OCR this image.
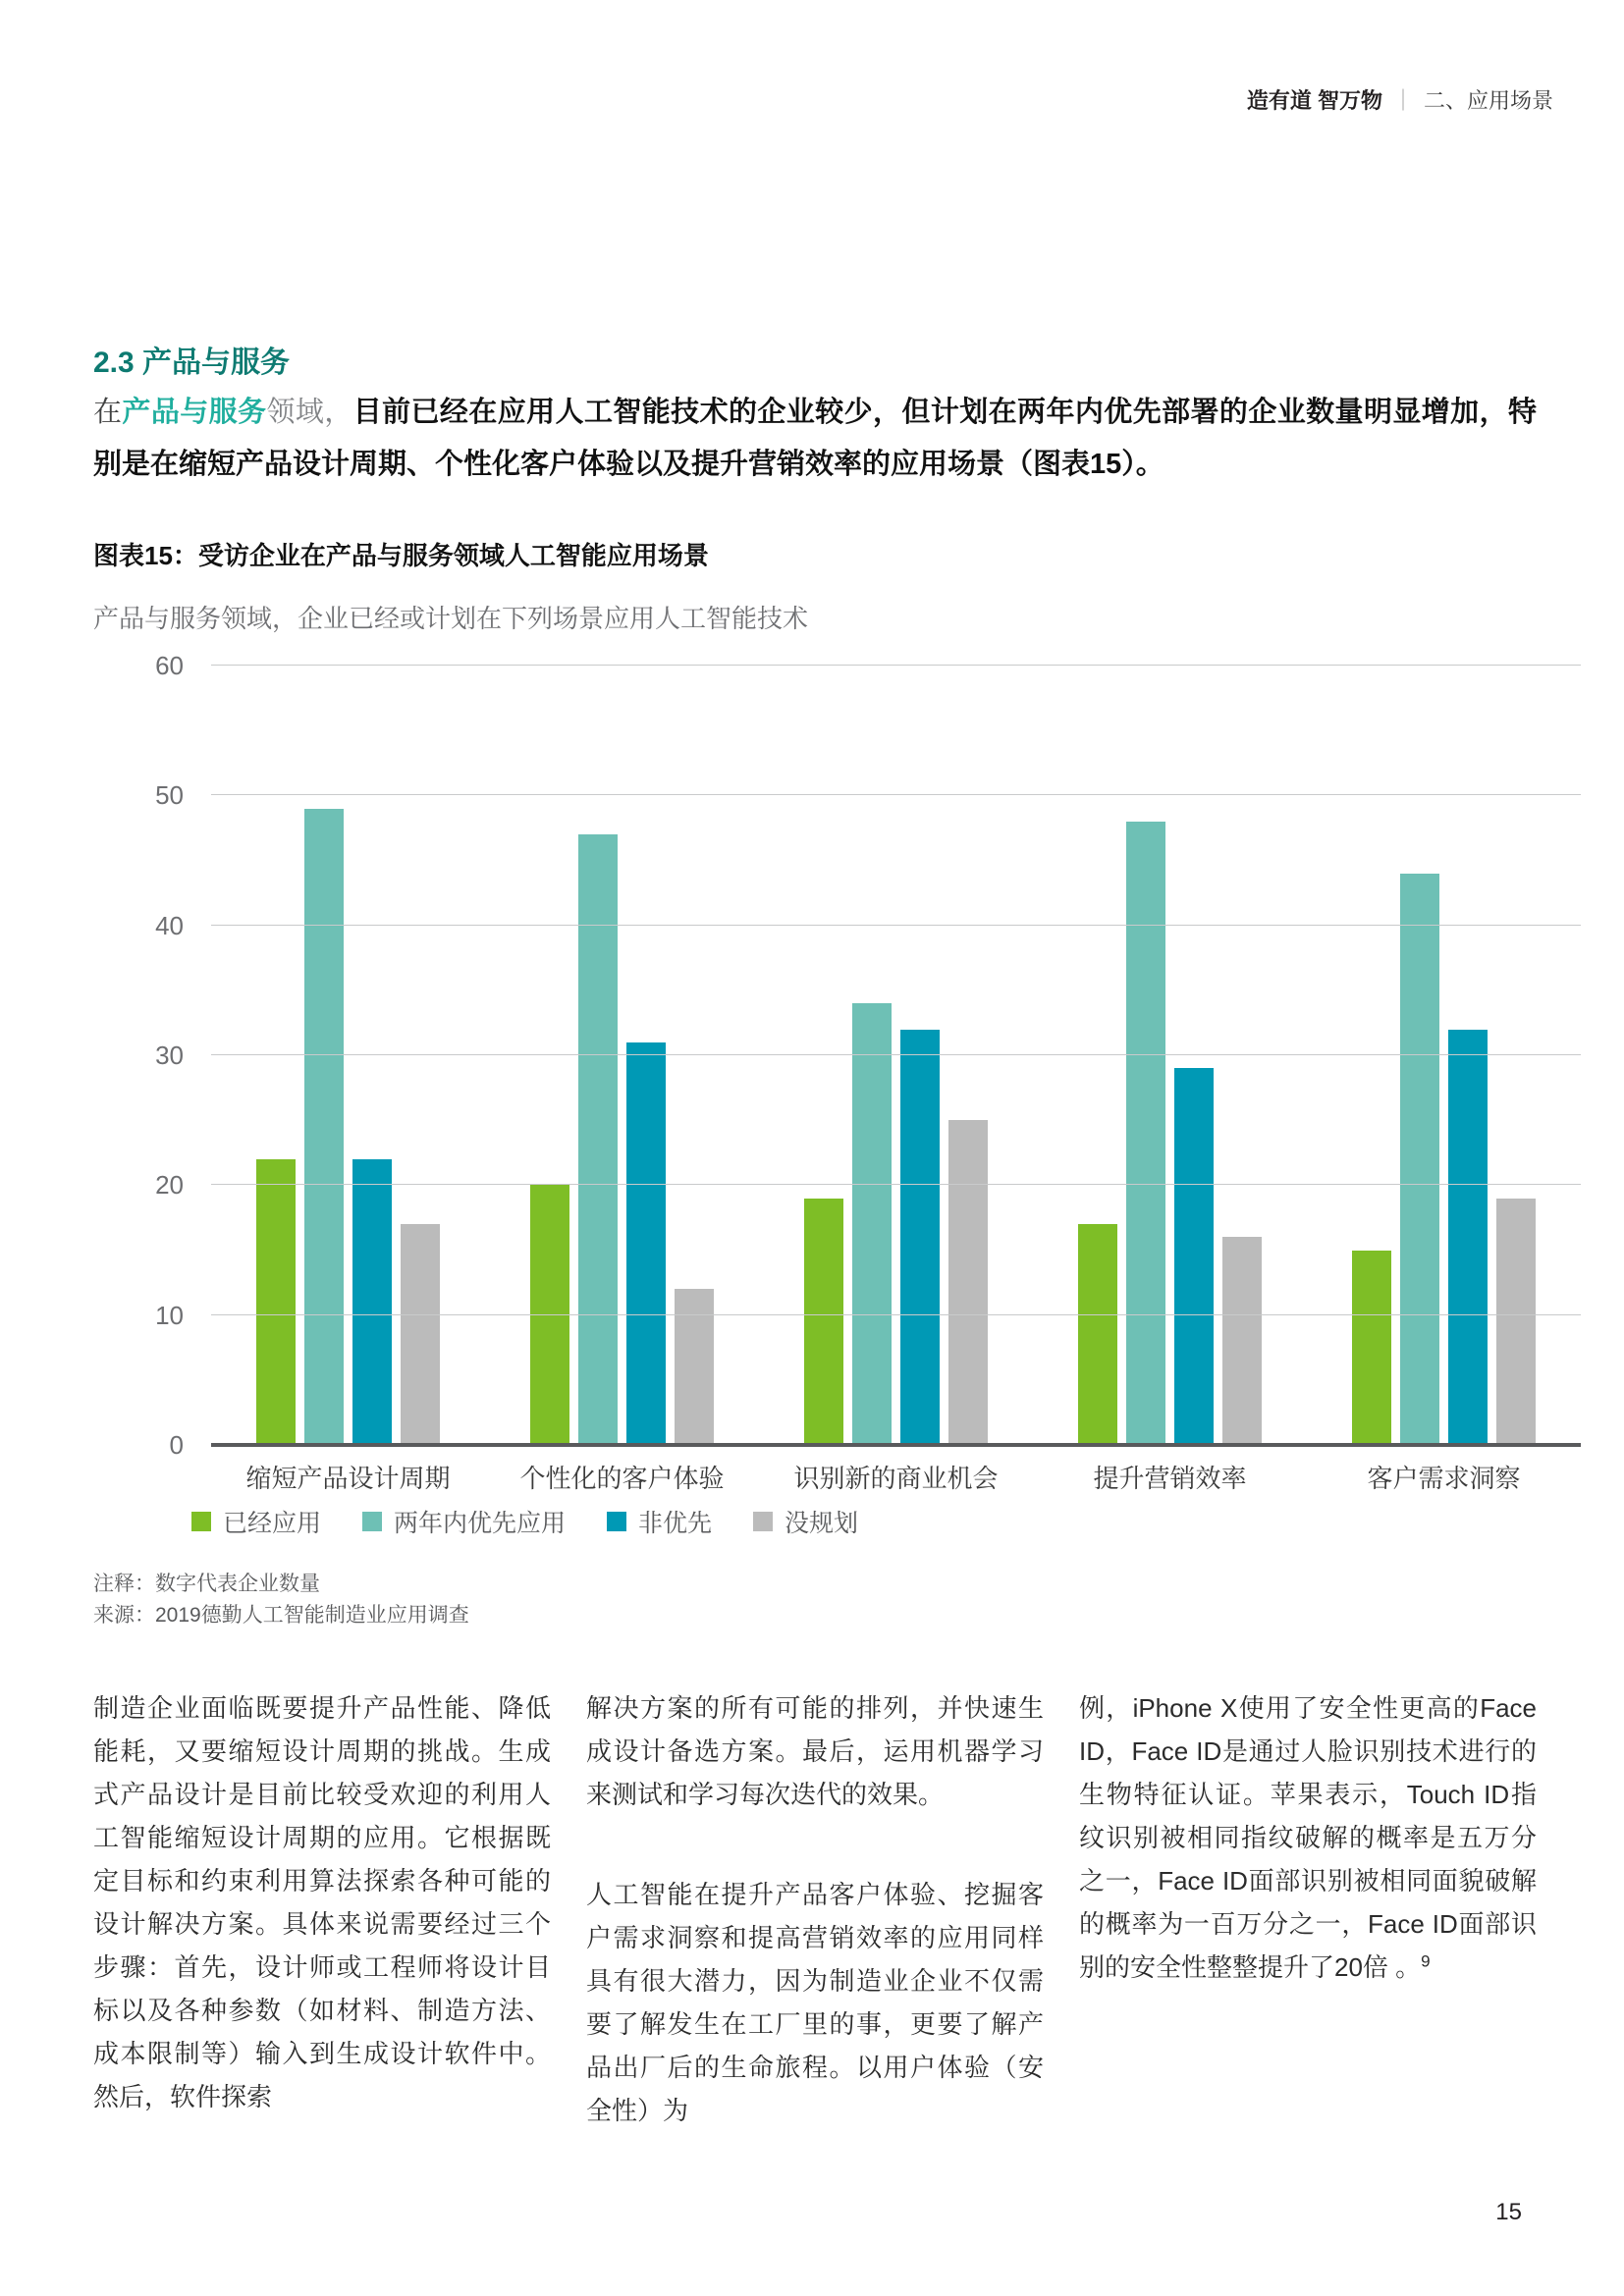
造有道 智万物 ｜ 二、应用场景
2.3 产品与服务
在产品与服务领域，目前已经在应用人工智能技术的企业较少，但计划在两年内优先部署的企业数量明显增加，特别是在缩短产品设计周期、个性化客户体验以及提升营销效率的应用场景（图表15）。
图表15：受访企业在产品与服务领域人工智能应用场景
产品与服务领域，企业已经或计划在下列场景应用人工智能技术
0
10
20
30
40
50
60
缩短产品设计周期	个性化的客户体验	识别新的商业机会	提升营销效率	客户需求洞察
已经应用	两年内优先应用	非优先	没规划
注释：数字代表企业数量
来源：2019德勤人工智能制造业应用调查

制造企业面临既要提升产品性能、降低能耗，又要缩短设计周期的挑战。生成式产品设计是目前比较受欢迎的利用人工智能缩短设计周期的应用。它根据既定目标和约束利用算法探索各种可能的设计解决方案。具体来说需要经过三个步骤：首先，设计师或工程师将设计目标以及各种参数（如材料、制造方法、成本限制等）输入到生成设计软件中。然后，软件探索

解决方案的所有可能的排列，并快速生成设计备选方案。最后，运用机器学习来测试和学习每次迭代的效果。

人工智能在提升产品客户体验、挖掘客户需求洞察和提高营销效率的应用同样具有很大潜力，因为制造业企业不仅需要了解发生在工厂里的事，更要了解产品出厂后的生命旅程。以用户体验（安全性）为

例，iPhone X使用了安全性更高的Face ID，Face ID是通过人脸识别技术进行的生物特征认证。苹果表示，Touch ID指纹识别被相同指纹破解的概率是五万分之一，Face ID面部识别被相同面貌破解的概率为一百万分之一，Face ID面部识别的安全性整整提升了20倍 。$^9$

15
